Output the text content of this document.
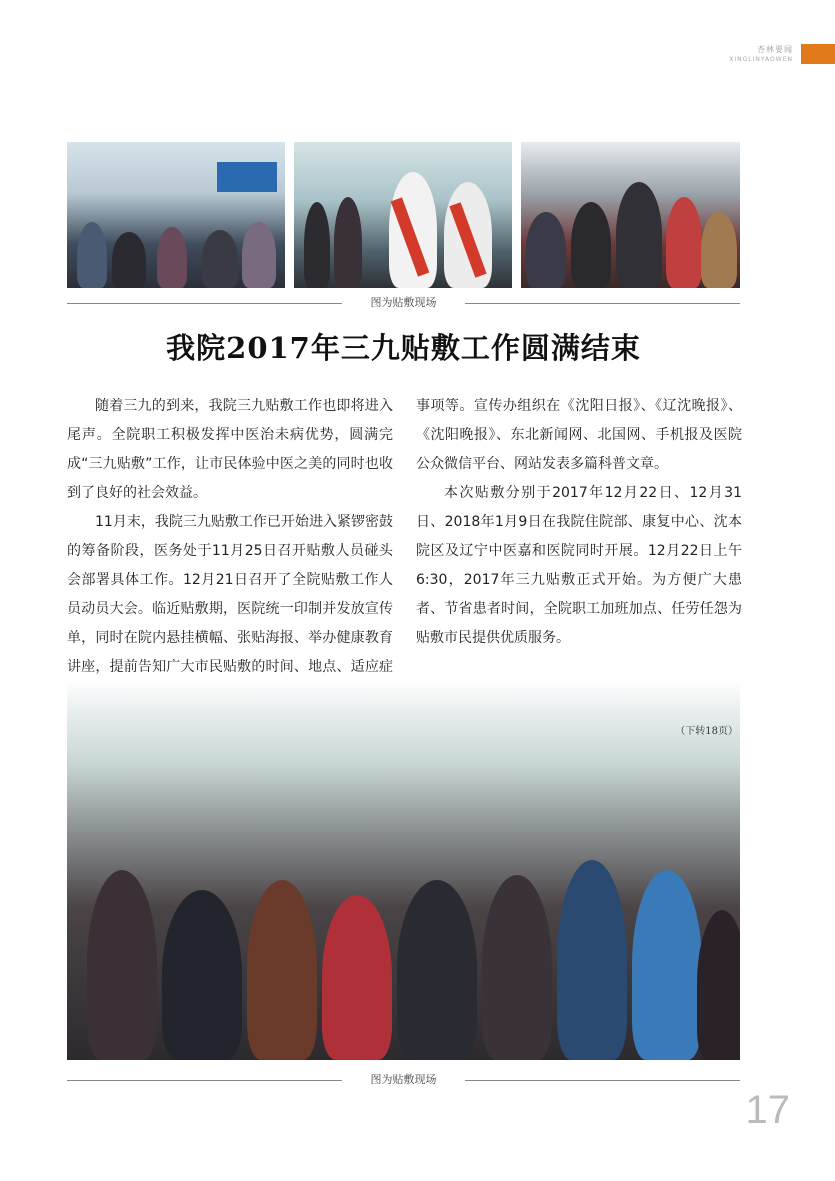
杏林要闻
XINGLINYAOWEN
图为贴敷现场
我院2017年三九贴敷工作圆满结束

随着三九的到来，我院三九贴敷工作也即将进入尾声。全院职工积极发挥中医治未病优势，圆满完成“三九贴敷”工作，让市民体验中医之美的同时也收到了良好的社会效益。

11月末，我院三九贴敷工作已开始进入紧锣密鼓的筹备阶段，医务处于11月25日召开贴敷人员碰头会部署具体工作。12月21日召开了全院贴敷工作人员动员大会。临近贴敷期，医院统一印制并发放宣传单，同时在院内悬挂横幅、张贴海报、举办健康教育讲座，提前告知广大市民贴敷的时间、地点、适应症

事项等。宣传办组织在《沈阳日报》、《辽沈晚报》、《沈阳晚报》、东北新闻网、北国网、手机报及医院公众微信平台、网站发表多篇科普文章。

本次贴敷分别于2017年12月22日、12月31日、2018年1月9日在我院住院部、康复中心、沈本院区及辽宁中医嘉和医院同时开展。12月22日上午6:30，2017年三九贴敷正式开始。为方便广大患者、节省患者时间，全院职工加班加点、任劳任怨为贴敷市民提供优质服务。

（下转18页）
图为贴敷现场
17
